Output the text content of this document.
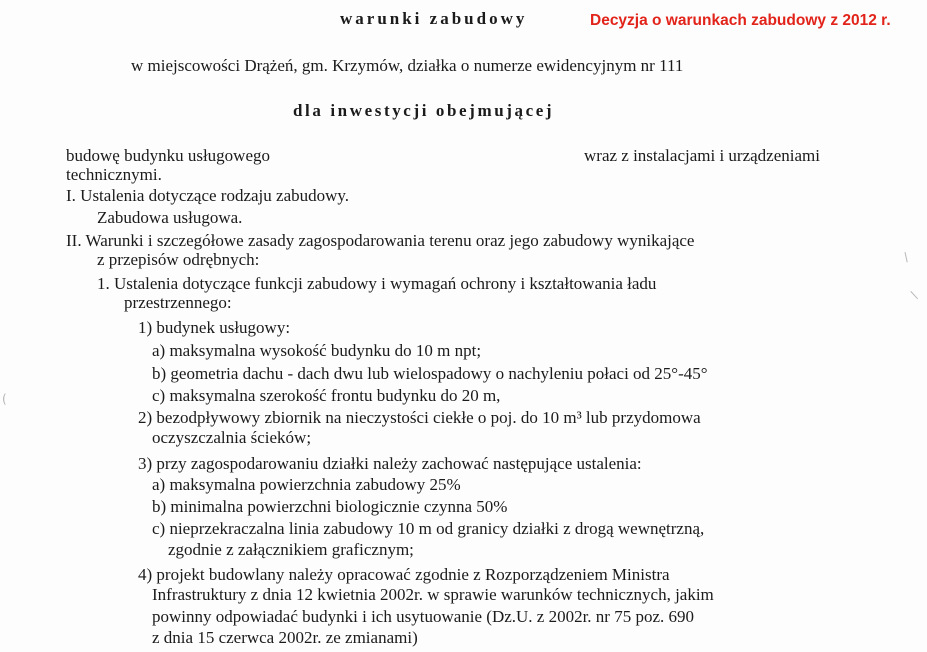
warunki zabudowy	Decyzja o warunkach zabudowy z 2012 r.
w miejscowości Drążeń, gm. Krzymów, działka o numerze ewidencyjnym nr 111
dla inwestycji obejmującej
budowę budynku usługowego	wraz z instalacjami i urządzeniami
technicznymi.
I. Ustalenia dotyczące rodzaju zabudowy.
Zabudowa usługowa.
II. Warunki i szczegółowe zasady zagospodarowania terenu oraz jego zabudowy wynikające
z przepisów odrębnych:
1. Ustalenia dotyczące funkcji zabudowy i wymagań ochrony i kształtowania ładu
przestrzennego:
1) budynek usługowy:
a) maksymalna wysokość budynku do 10 m npt;
b) geometria dachu - dach dwu lub wielospadowy o nachyleniu połaci od 25°-45°
c) maksymalna szerokość frontu budynku do 20 m,
2) bezodpływowy zbiornik na nieczystości ciekłe o poj. do 10 m³ lub przydomowa
oczyszczalnia ścieków;
3) przy zagospodarowaniu działki należy zachować następujące ustalenia:
a) maksymalna powierzchnia zabudowy 25%
b) minimalna powierzchni biologicznie czynna 50%
c) nieprzekraczalna linia zabudowy 10 m od granicy działki z drogą wewnętrzną,
zgodnie z załącznikiem graficznym;
4) projekt budowlany należy opracować zgodnie z Rozporządzeniem Ministra
Infrastruktury z dnia 12 kwietnia 2002r. w sprawie warunków technicznych, jakim
powinny odpowiadać budynki i ich usytuowanie (Dz.U. z 2002r. nr 75 poz. 690
z dnia 15 czerwca 2002r. ze zmianami)
/
/
(
